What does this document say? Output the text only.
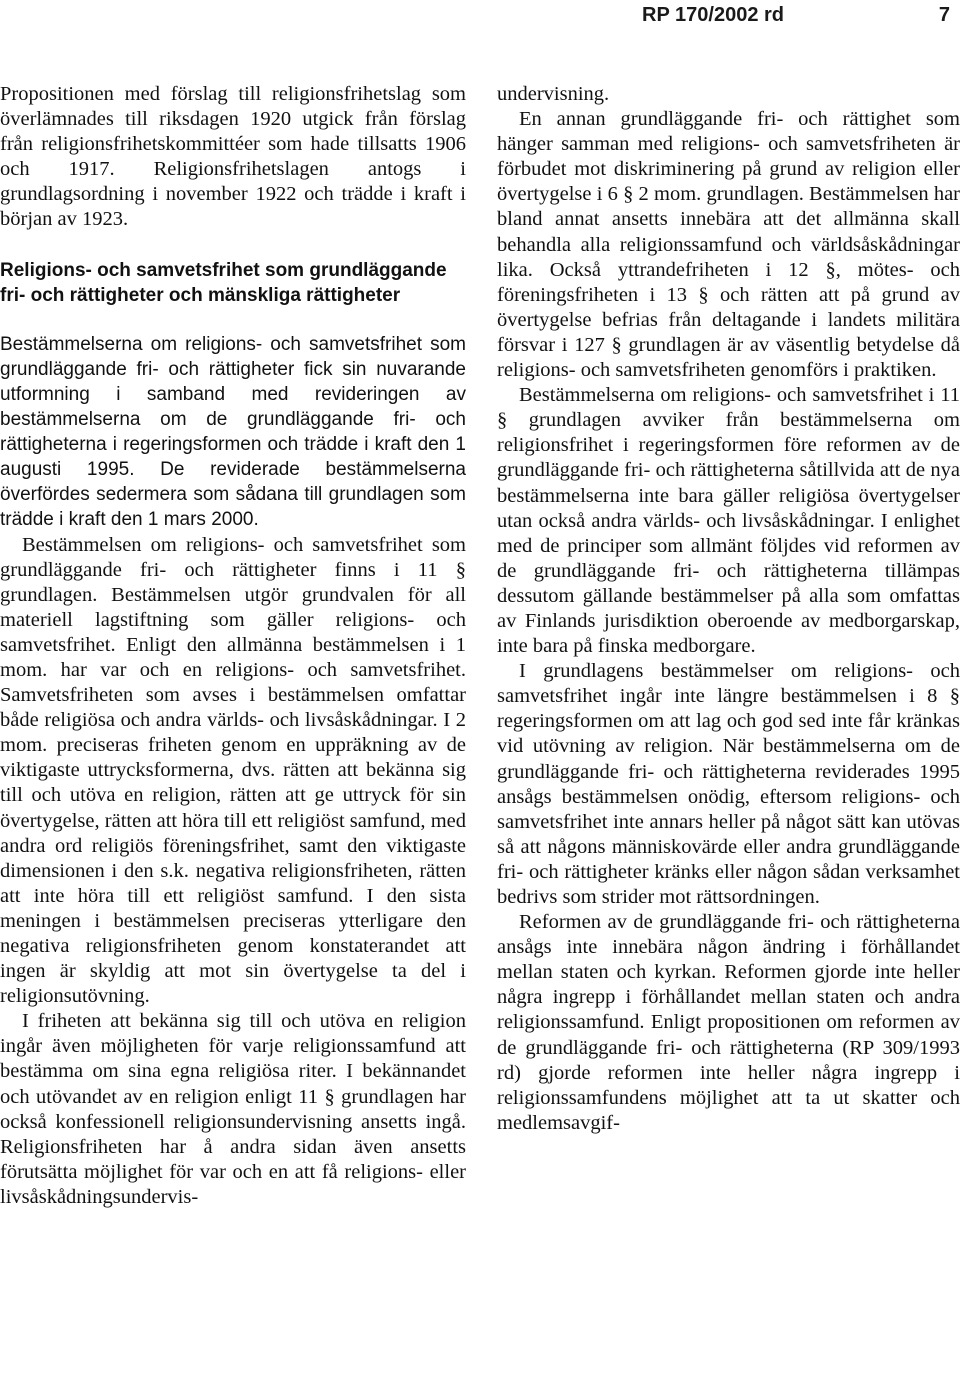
RP 170/2002 rd	7

Propositionen med förslag till religionsfrihetslag som överlämnades till riksdagen 1920 utgick från förslag från religionsfrihetskommittéer som hade tillsatts 1906 och 1917. Religionsfrihetslagen antogs i grundlagsordning i november 1922 och trädde i kraft i början av 1923.

Religions- och samvetsfrihet som grundläggande fri- och rättigheter och mänskliga rättigheter

Bestämmelserna om religions- och samvetsfrihet som grundläggande fri- och rättigheter fick sin nuvarande utformning i samband med revideringen av bestämmelserna om de grundläggande fri- och rättigheterna i regeringsformen och trädde i kraft den 1 augusti 1995. De reviderade bestämmelserna överfördes sedermera som sådana till grundlagen som trädde i kraft den 1 mars 2000.

Bestämmelsen om religions- och samvetsfrihet som grundläggande fri- och rättigheter finns i 11 § grundlagen. Bestämmelsen utgör grundvalen för all materiell lagstiftning som gäller religions- och samvetsfrihet. Enligt den allmänna bestämmelsen i 1 mom. har var och en religions- och samvetsfrihet. Samvetsfriheten som avses i bestämmelsen omfattar både religiösa och andra världs- och livsåskådningar. I 2 mom. preciseras friheten genom en uppräkning av de viktigaste uttrycksformerna, dvs. rätten att bekänna sig till och utöva en religion, rätten att ge uttryck för sin övertygelse, rätten att höra till ett religiöst samfund, med andra ord religiös föreningsfrihet, samt den viktigaste dimensionen i den s.k. negativa religionsfriheten, rätten att inte höra till ett religiöst samfund. I den sista meningen i bestämmelsen preciseras ytterligare den negativa religionsfriheten genom konstaterandet att ingen är skyldig att mot sin övertygelse ta del i religionsutövning.

I friheten att bekänna sig till och utöva en religion ingår även möjligheten för varje religionssamfund att bestämma om sina egna religiösa riter. I bekännandet och utövandet av en religion enligt 11 § grundlagen har också konfessionell religionsundervisning ansetts ingå. Religionsfriheten har å andra sidan även ansetts förutsätta möjlighet för var och en att få religions- eller livsåskådningsundervis-

undervisning.

En annan grundläggande fri- och rättighet som hänger samman med religions- och samvetsfriheten är förbudet mot diskriminering på grund av religion eller övertygelse i 6 § 2 mom. grundlagen. Bestämmelsen har bland annat ansetts innebära att det allmänna skall behandla alla religionssamfund och världsåskådningar lika. Också yttrandefriheten i 12 §, mötes- och föreningsfriheten i 13 § och rätten att på grund av övertygelse befrias från deltagande i landets militära försvar i 127 § grundlagen är av väsentlig betydelse då religions- och samvetsfriheten genomförs i praktiken.

Bestämmelserna om religions- och samvetsfrihet i 11 § grundlagen avviker från bestämmelserna om religionsfrihet i regeringsformen före reformen av de grundläggande fri- och rättigheterna såtillvida att de nya bestämmelserna inte bara gäller religiösa övertygelser utan också andra världs- och livsåskådningar. I enlighet med de principer som allmänt följdes vid reformen av de grundläggande fri- och rättigheterna tillämpas dessutom gällande bestämmelser på alla som omfattas av Finlands jurisdiktion oberoende av medborgarskap, inte bara på finska medborgare.

I grundlagens bestämmelser om religions- och samvetsfrihet ingår inte längre bestämmelsen i 8 § regeringsformen om att lag och god sed inte får kränkas vid utövning av religion. När bestämmelserna om de grundläggande fri- och rättigheterna reviderades 1995 ansågs bestämmelsen onödig, eftersom religions- och samvetsfrihet inte annars heller på något sätt kan utövas så att någons människovärde eller andra grundläggande fri- och rättigheter kränks eller någon sådan verksamhet bedrivs som strider mot rättsordningen.

Reformen av de grundläggande fri- och rättigheterna ansågs inte innebära någon ändring i förhållandet mellan staten och kyrkan. Reformen gjorde inte heller några ingrepp i förhållandet mellan staten och andra religionssamfund. Enligt propositionen om reformen av de grundläggande fri- och rättigheterna (RP 309/1993 rd) gjorde reformen inte heller några ingrepp i religionssamfundens möjlighet att ta ut skatter och medlemsavgif-
